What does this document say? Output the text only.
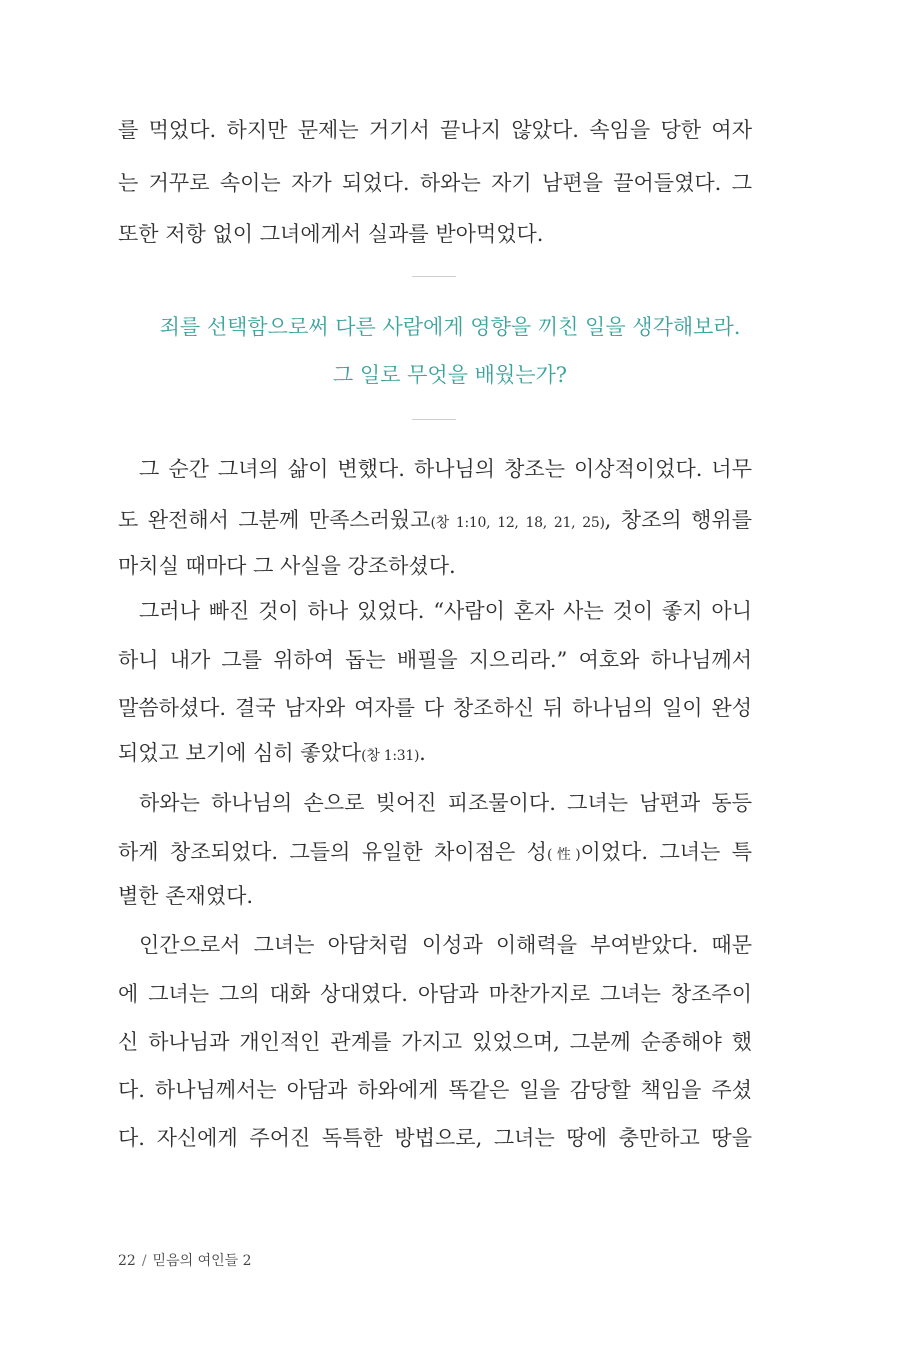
를 먹었다. 하지만 문제는 거기서 끝나지 않았다. 속임을 당한 여자
는 거꾸로 속이는 자가 되었다. 하와는 자기 남편을 끌어들였다. 그
또한 저항 없이 그녀에게서 실과를 받아먹었다.
죄를 선택함으로써 다른 사람에게 영향을 끼친 일을 생각해보라.
그 일로 무엇을 배웠는가?
그 순간 그녀의 삶이 변했다. 하나님의 창조는 이상적이었다. 너무
도 완전해서 그분께 만족스러웠고(창 1:10, 12, 18, 21, 25), 창조의 행위를
마치실 때마다 그 사실을 강조하셨다.
그러나 빠진 것이 하나 있었다. “사람이 혼자 사는 것이 좋지 아니
하니 내가 그를 위하여 돕는 배필을 지으리라.” 여호와 하나님께서
말씀하셨다. 결국 남자와 여자를 다 창조하신 뒤 하나님의 일이 완성
되었고 보기에 심히 좋았다(창 1:31).
하와는 하나님의 손으로 빚어진 피조물이다. 그녀는 남편과 동등
하게 창조되었다. 그들의 유일한 차이점은 성(性)이었다. 그녀는 특
별한 존재였다.
인간으로서 그녀는 아담처럼 이성과 이해력을 부여받았다. 때문
에 그녀는 그의 대화 상대였다. 아담과 마찬가지로 그녀는 창조주이
신 하나님과 개인적인 관계를 가지고 있었으며, 그분께 순종해야 했
다. 하나님께서는 아담과 하와에게 똑같은 일을 감당할 책임을 주셨
다. 자신에게 주어진 독특한 방법으로, 그녀는 땅에 충만하고 땅을
22 / 믿음의 여인들 2
